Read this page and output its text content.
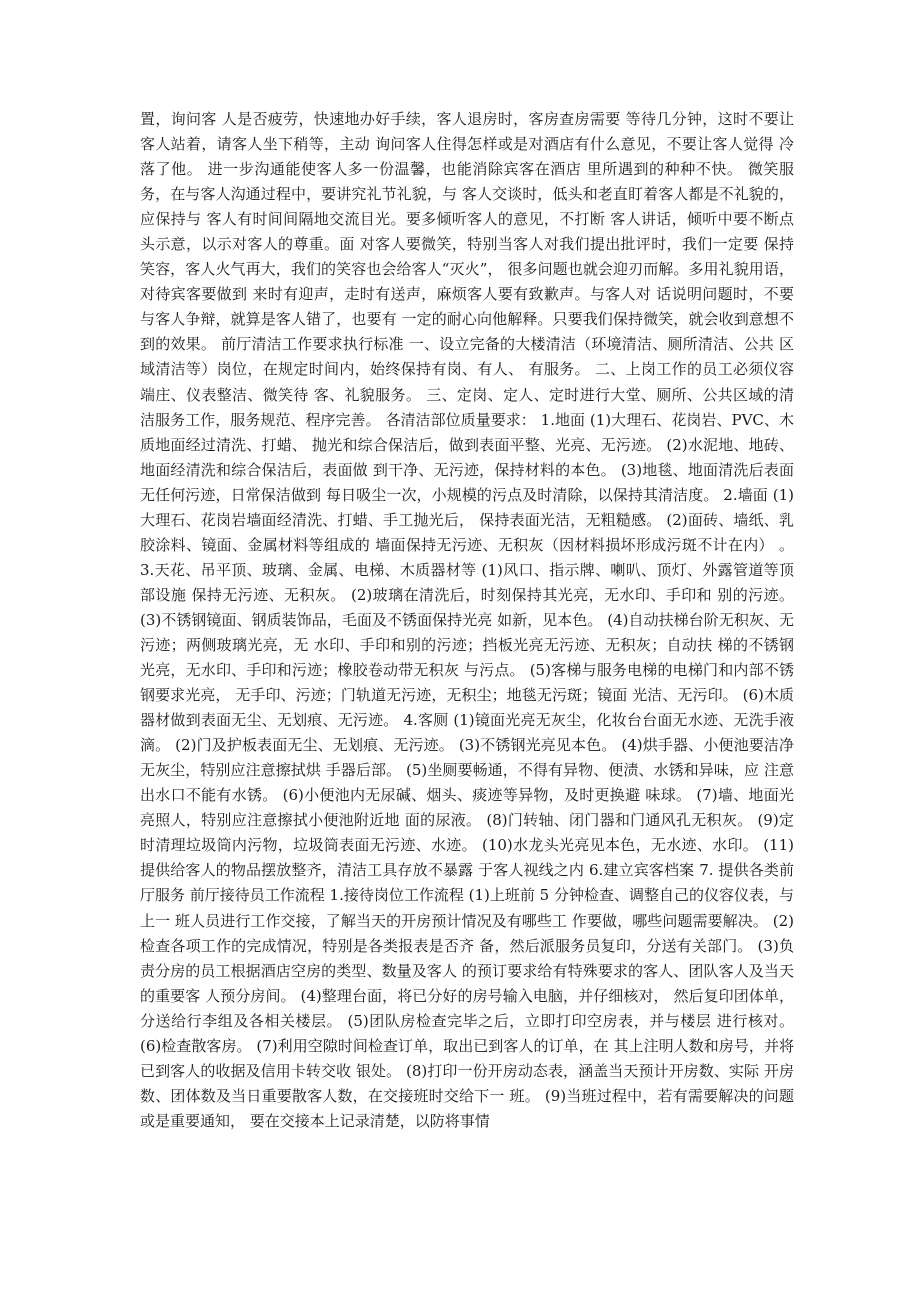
置，询问客 人是否疲劳，快速地办好手续，客人退房时，客房查房需要 等待几分钟，这时不要让客人站着，请客人坐下稍等，主动 询问客人住得怎样或是对酒店有什么意见，不要让客人觉得 冷落了他。 进一步沟通能使客人多一份温馨，也能消除宾客在酒店 里所遇到的种种不快。 微笑服务，在与客人沟通过程中，要讲究礼节礼貌，与 客人交谈时，低头和老直盯着客人都是不礼貌的，应保持与 客人有时间间隔地交流目光。要多倾听客人的意见，不打断 客人讲话，倾听中要不断点头示意，以示对客人的尊重。面 对客人要微笑，特别当客人对我们提出批评时，我们一定要 保持笑容，客人火气再大，我们的笑容也会给客人“灭火”， 很多问题也就会迎刃而解。多用礼貌用语，对待宾客要做到 来时有迎声，走时有送声，麻烦客人要有致歉声。与客人对 话说明问题时，不要与客人争辩，就算是客人错了，也要有 一定的耐心向他解释。只要我们保持微笑，就会收到意想不 到的效果。 前厅清洁工作要求执行标准 一、设立完备的大楼清洁（环境清洁、厕所清洁、公共 区域清洁等）岗位，在规定时间内，始终保持有岗、有人、 有服务。 二、上岗工作的员工必须仪容端庄、仪表整洁、微笑待 客、礼貌服务。 三、定岗、定人、定时进行大堂、厕所、公共区域的清洁服务工作，服务规范、程序完善。 各清洁部位质量要求： 1.地面 (1)大理石、花岗岩、PVC、木质地面经过清洗、打蜡、 抛光和综合保洁后，做到表面平整、光亮、无污迹。 (2)水泥地、地砖、地面经清洗和综合保洁后，表面做 到干净、无污迹，保持材料的本色。 (3)地毯、地面清洗后表面无任何污迹，日常保洁做到 每日吸尘一次，小规模的污点及时清除，以保持其清洁度。 2.墙面 (1)大理石、花岗岩墙面经清洗、打蜡、手工抛光后， 保持表面光洁，无粗糙感。 (2)面砖、墙纸、乳胶涂料、镜面、金属材料等组成的 墙面保持无污迹、无积灰（因材料损坏形成污斑不计在内） 。 3.天花、吊平顶、玻璃、金属、电梯、木质器材等 (1)风口、指示牌、喇叭、顶灯、外露管道等顶部设施 保持无污迹、无积灰。 (2)玻璃在清洗后，时刻保持其光亮，无水印、手印和 别的污迹。 (3)不锈钢镜面、钢质装饰品，毛面及不锈面保持光亮 如新，见本色。 (4)自动扶梯台阶无积灰、无污迹；两侧玻璃光亮，无 水印、手印和别的污迹；挡板光亮无污迹、无积灰；自动扶 梯的不锈钢光亮，无水印、手印和污迹；橡胶卷动带无积灰 与污点。 (5)客梯与服务电梯的电梯门和内部不锈钢要求光亮， 无手印、污迹；门轨道无污迹，无积尘；地毯无污斑；镜面 光洁、无污印。 (6)木质器材做到表面无尘、无划痕、无污迹。 4.客厕 (1)镜面光亮无灰尘，化妆台台面无水迹、无洗手液滴。 (2)门及护板表面无尘、无划痕、无污迹。 (3)不锈钢光亮见本色。 (4)烘手器、小便池要洁净无灰尘，特别应注意擦拭烘 手器后部。 (5)坐厕要畅通，不得有异物、便渍、水锈和异味，应 注意出水口不能有水锈。 (6)小便池内无尿碱、烟头、痰迹等异物，及时更换避 味球。 (7)墙、地面光亮照人，特别应注意擦拭小便池附近地 面的尿液。 (8)门转轴、闭门器和门通风孔无积灰。 (9)定时清理垃圾筒内污物，垃圾筒表面无污迹、水迹。 (10)水龙头光亮见本色，无水迹、水印。 (11)提供给客人的物品摆放整齐，清洁工具存放不暴露 于客人视线之内 6.建立宾客档案 7. 提供各类前厅服务 前厅接待员工作流程 1.接待岗位工作流程 (1)上班前 5 分钟检查、调整自己的仪容仪表，与上一 班人员进行工作交接，了解当天的开房预计情况及有哪些工 作要做，哪些问题需要解决。 (2)检查各项工作的完成情况，特别是各类报表是否齐 备，然后派服务员复印，分送有关部门。 (3)负责分房的员工根据酒店空房的类型、数量及客人 的预订要求给有特殊要求的客人、团队客人及当天的重要客 人预分房间。 (4)整理台面，将已分好的房号输入电脑，并仔细核对， 然后复印团体单，分送给行李组及各相关楼层。 (5)团队房检查完毕之后，立即打印空房表，并与楼层 进行核对。 (6)检查散客房。 (7)利用空隙时间检查订单，取出已到客人的订单，在 其上注明人数和房号，并将已到客人的收据及信用卡转交收 银处。 (8)打印一份开房动态表，涵盖当天预计开房数、实际 开房数、团体数及当日重要散客人数，在交接班时交给下一 班。 (9)当班过程中，若有需要解决的问题或是重要通知， 要在交接本上记录清楚，以防将事情
